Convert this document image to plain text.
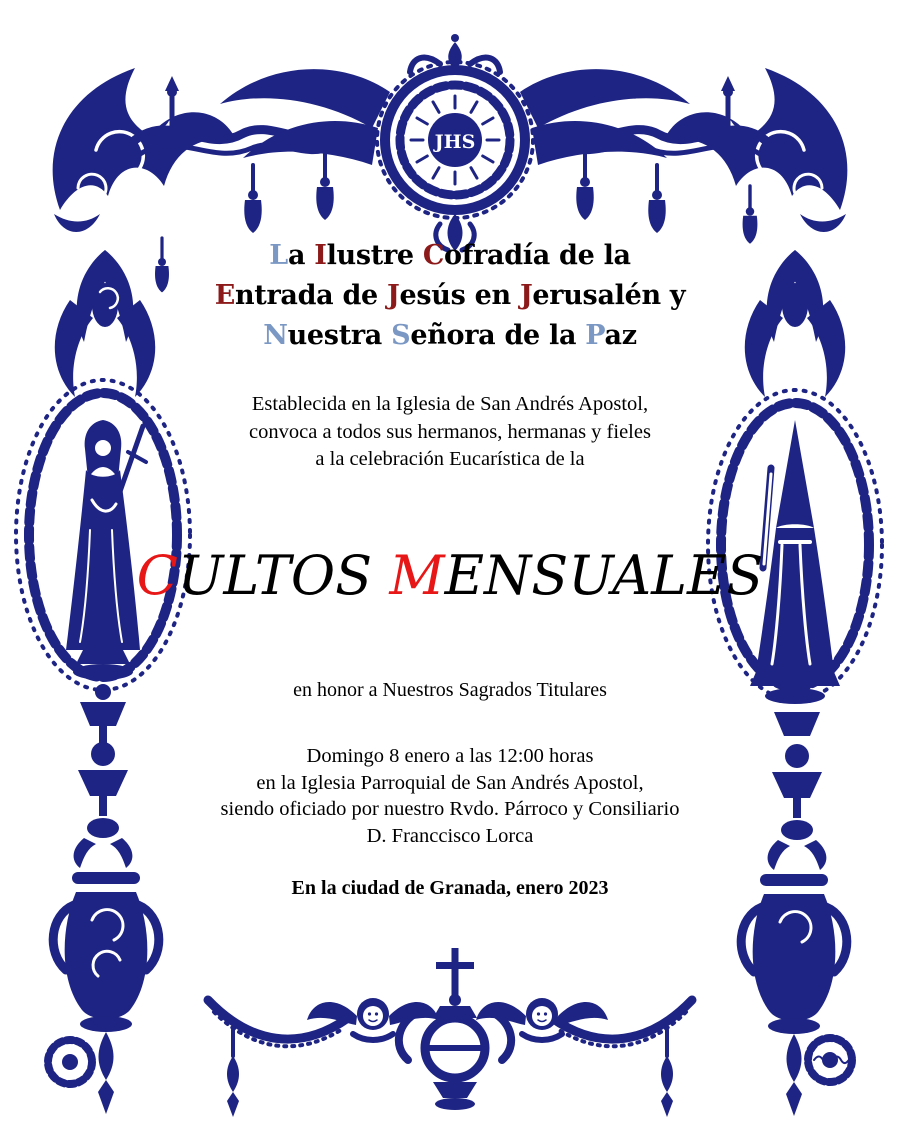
JHS
La Ilustre Cofradía de la
Entrada de Jesús en Jerusalén y
Nuestra Señora de la Paz
Establecida en la Iglesia de San Andrés Apostol,
convoca a todos sus hermanos, hermanas y fieles
a la celebración Eucarística de la
CULTOS MENSUALES
en honor a Nuestros Sagrados Titulares
Domingo 8 enero a las 12:00 horas
en la Iglesia Parroquial de San Andrés Apostol,
siendo oficiado por nuestro Rvdo. Párroco y Consiliario
D. Franccisco Lorca
En la ciudad de Granada, enero 2023
